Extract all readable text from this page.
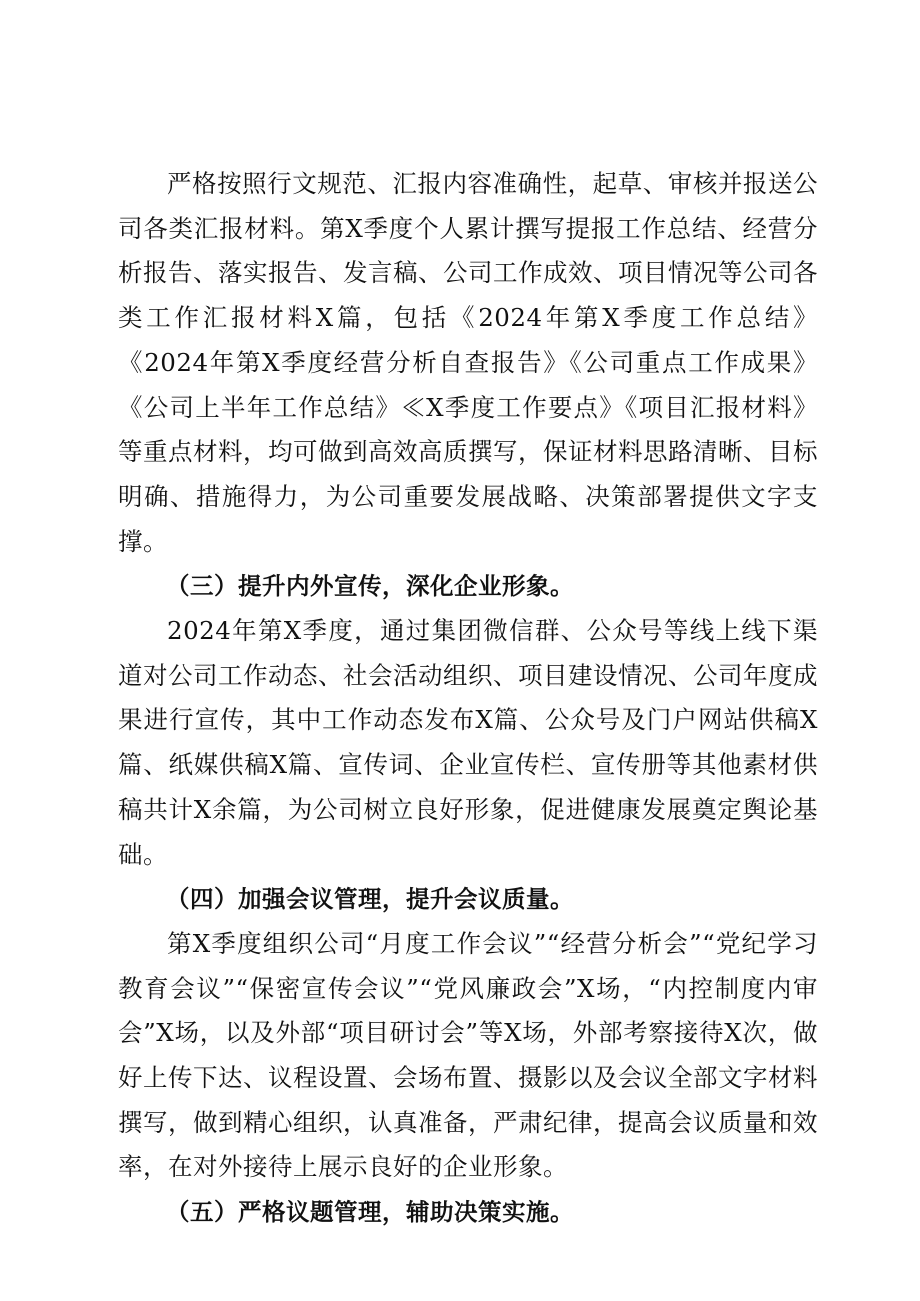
严格按照行文规范、汇报内容准确性，起草、审核并报送公司各类汇报材料。第X季度个人累计撰写提报工作总结、经营分析报告、落实报告、发言稿、公司工作成效、项目情况等公司各类工作汇报材料X篇，包括《2024年第X季度工作总结》《2024年第X季度经营分析自查报告》《公司重点工作成果》《公司上半年工作总结》≪X季度工作要点》《项目汇报材料》等重点材料，均可做到高效高质撰写，保证材料思路清晰、目标明确、措施得力，为公司重要发展战略、决策部署提供文字支撑。

（三）提升内外宣传，深化企业形象。

2024年第X季度，通过集团微信群、公众号等线上线下渠道对公司工作动态、社会活动组织、项目建设情况、公司年度成果进行宣传，其中工作动态发布X篇、公众号及门户网站供稿X篇、纸媒供稿X篇、宣传词、企业宣传栏、宣传册等其他素材供稿共计X余篇，为公司树立良好形象，促进健康发展奠定舆论基础。

（四）加强会议管理，提升会议质量。

第X季度组织公司“月度工作会议”“经营分析会”“党纪学习教育会议”“保密宣传会议”“党风廉政会”X场，“内控制度内审会”X场，以及外部“项目研讨会”等X场，外部考察接待X次，做好上传下达、议程设置、会场布置、摄影以及会议全部文字材料撰写，做到精心组织，认真准备，严肃纪律，提高会议质量和效率，在对外接待上展示良好的企业形象。

（五）严格议题管理，辅助决策实施。
